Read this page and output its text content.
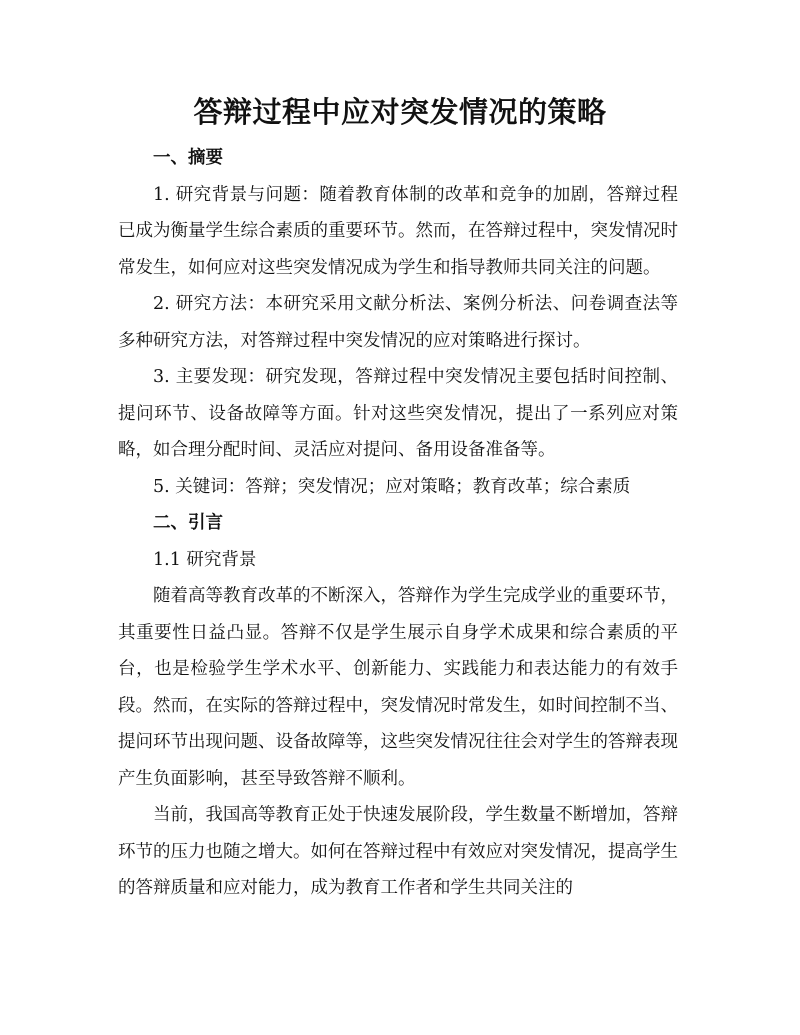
答辩过程中应对突发情况的策略

一、摘要

1. 研究背景与问题：随着教育体制的改革和竞争的加剧，答辩过程已成为衡量学生综合素质的重要环节。然而，在答辩过程中，突发情况时常发生，如何应对这些突发情况成为学生和指导教师共同关注的问题。

2. 研究方法：本研究采用文献分析法、案例分析法、问卷调查法等多种研究方法，对答辩过程中突发情况的应对策略进行探讨。

3. 主要发现：研究发现，答辩过程中突发情况主要包括时间控制、提问环节、设备故障等方面。针对这些突发情况，提出了一系列应对策略，如合理分配时间、灵活应对提问、备用设备准备等。

5. 关键词：答辩；突发情况；应对策略；教育改革；综合素质

二、引言

1.1 研究背景

随着高等教育改革的不断深入，答辩作为学生完成学业的重要环节，其重要性日益凸显。答辩不仅是学生展示自身学术成果和综合素质的平台，也是检验学生学术水平、创新能力、实践能力和表达能力的有效手段。然而，在实际的答辩过程中，突发情况时常发生，如时间控制不当、提问环节出现问题、设备故障等，这些突发情况往往会对学生的答辩表现产生负面影响，甚至导致答辩不顺利。

当前，我国高等教育正处于快速发展阶段，学生数量不断增加，答辩环节的压力也随之增大。如何在答辩过程中有效应对突发情况，提高学生的答辩质量和应对能力，成为教育工作者和学生共同关注的
